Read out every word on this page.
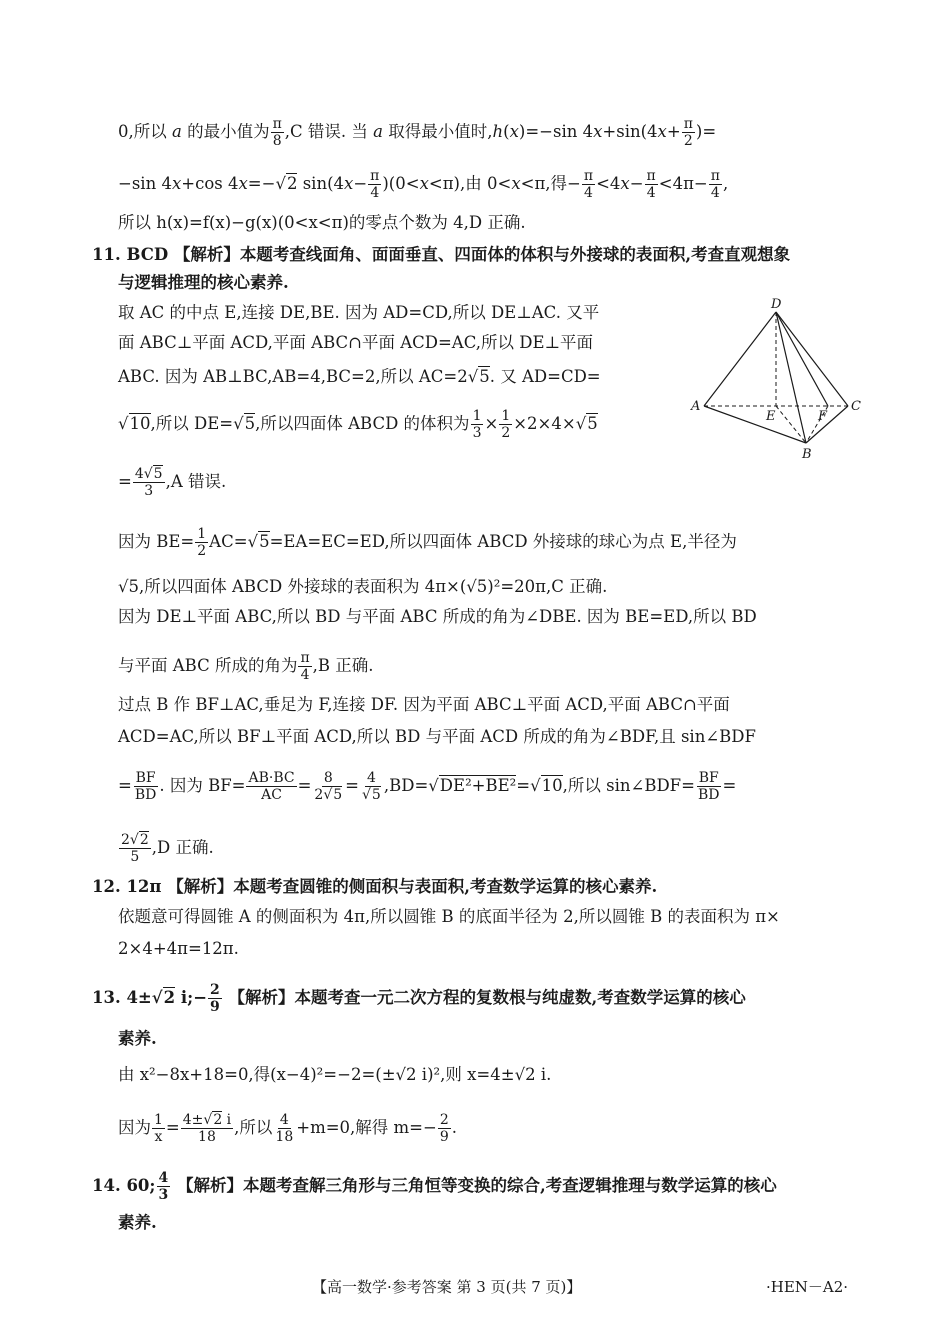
0,所以 a 的最小值为 $\frac{\pi}{8} ,C$ 错误. 当 a 取得最小值时,h(x)=−sin $4x+\sin(4x+ \frac{\pi}{2}$ )=
−sin 4x+cos 4x=−√2 $\sin(4x- \frac{\pi}{4} )(0<x<\pi)$,由 0<x<π,得− $\frac{\pi}{4} <4x- \frac{\pi}{4} <4\pi- \frac{\pi}{4}$ ,
所以 h(x)=f(x)−g(x)(0<x<π)的零点个数为 4,D 正确.
11. BCD 【解析】本题考查线面角、面面垂直、四面体的体积与外接球的表面积,考查直观想象
与逻辑推理的核心素养.
取 AC 的中点 E,连接 DE,BE. 因为 AD=CD,所以 DE⊥AC. 又平
面 ABC⊥平面 ACD,平面 ABC∩平面 ACD=AC,所以 DE⊥平面
ABC. 因为 AB⊥BC,AB=4,BC=2,所以 AC=2√5. 又 AD=CD=
√10,所以 DE=√5,所以四面体 ABCD 的体积为 $\frac{1}{3} \times \frac{1}{2} \times 2\times 4\times√5$
= $\frac{4√5}{3} ,A$ 错误.
因为 $BE= \frac{1}{2} AC=√5=EA=EC=ED$,所以四面体 ABCD 外接球的球心为点 E,半径为
√5,所以四面体 ABCD 外接球的表面积为 4π×(√5)²=20π,C 正确.
因为 DE⊥平面 ABC,所以 BD 与平面 ABC 所成的角为∠DBE. 因为 BE=ED,所以 BD
与平面 ABC 所成的角为 $\frac{\pi}{4} ,B$ 正确.
过点 B 作 BF⊥AC,垂足为 F,连接 DF. 因为平面 ABC⊥平面 ACD,平面 ABC∩平面
ACD=AC,所以 BF⊥平面 ACD,所以 BD 与平面 ACD 所成的角为∠BDF,且 sin∠BDF
= $\frac{BF}{BD}$ . 因为 $BF= \frac{AB\cdot BC}{AC} = \frac{8}{2√5} = \frac{4}{√5} ,BD=√DE^2+BE^2=√10$,所以 sin∠BDF= $\frac{BF}{BD}$ =
$\frac{2√2}{5} ,D$ 正确.
12. 12π 【解析】本题考查圆锥的侧面积与表面积,考查数学运算的核心素养.
依题意可得圆锥 A 的侧面积为 4π,所以圆锥 B 的底面半径为 2,所以圆锥 B 的表面积为 π×
2×4+4π=12π.
13. 4±√2 i;− $\frac{2}{9}$ 【解析】本题考查一元二次方程的复数根与纯虚数,考查数学运算的核心
素养.
由 x²−8x+18=0,得(x−4)²=−2=(±√2 i)²,则 x=4±√2 i.
因为 $\frac{1}{x} = \frac{4\pm√2 i}{18}$ ,所以 $\frac{4}{18} +m=0$,解得 $m=- \frac{2}{9}$ .
14. 60; $\frac{4}{3}$ 【解析】本题考查解三角形与三角恒等变换的综合,考查逻辑推理与数学运算的核心
素养.
D
A	C
B
E	F
【高一数学·参考答案 第 3 页(共 7 页)】	·HEN－A2·
